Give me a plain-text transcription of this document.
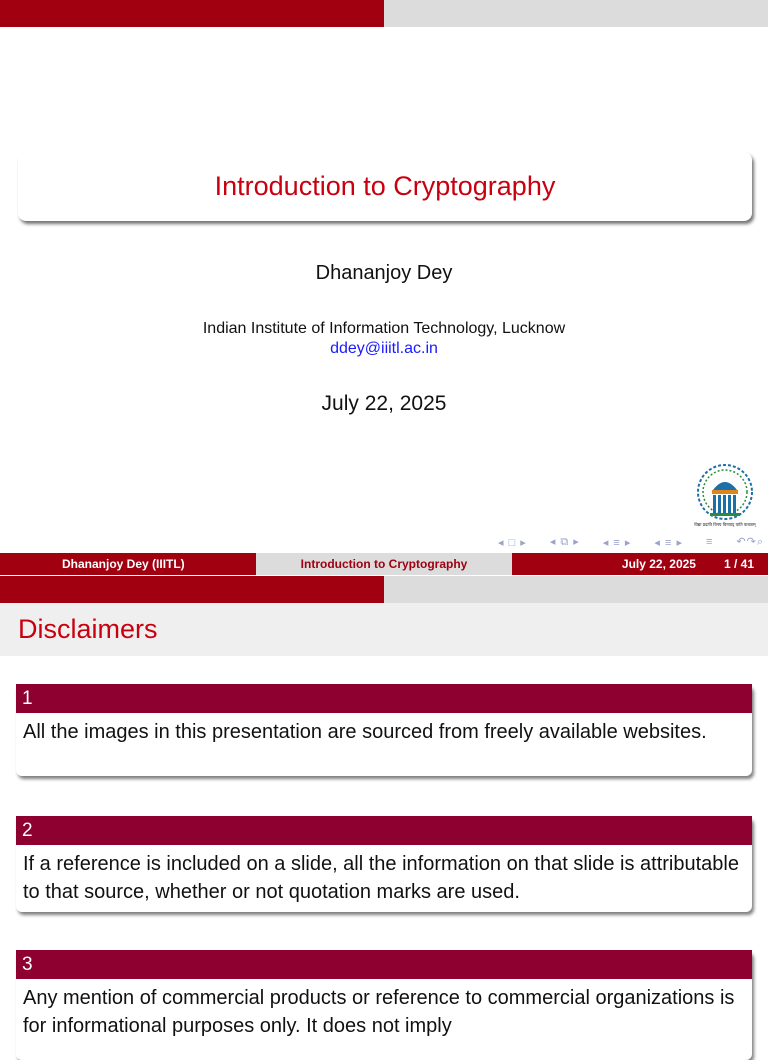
Introduction to Cryptography
Dhananjoy Dey
Indian Institute of Information Technology, Lucknow
ddey@iiitl.ac.in
July 22, 2025
विद्या प्रदाति विनय विनयाद् याति पात्रताम्
◂ □ ▸ ◂ ⧉ ▸ ◂ ≡ ▸ ◂ ≡ ▸ ≡ ↶↷⌕
Dhananjoy Dey (IIITL)	Introduction to Cryptography	July 22, 2025 1 / 41
Disclaimers
1
All the images in this presentation are sourced from freely available websites.
2
If a reference is included on a slide, all the information on that slide is attributable to that source, whether or not quotation marks are used.
3
Any mention of commercial products or reference to commercial organizations is for informational purposes only. It does not imply
